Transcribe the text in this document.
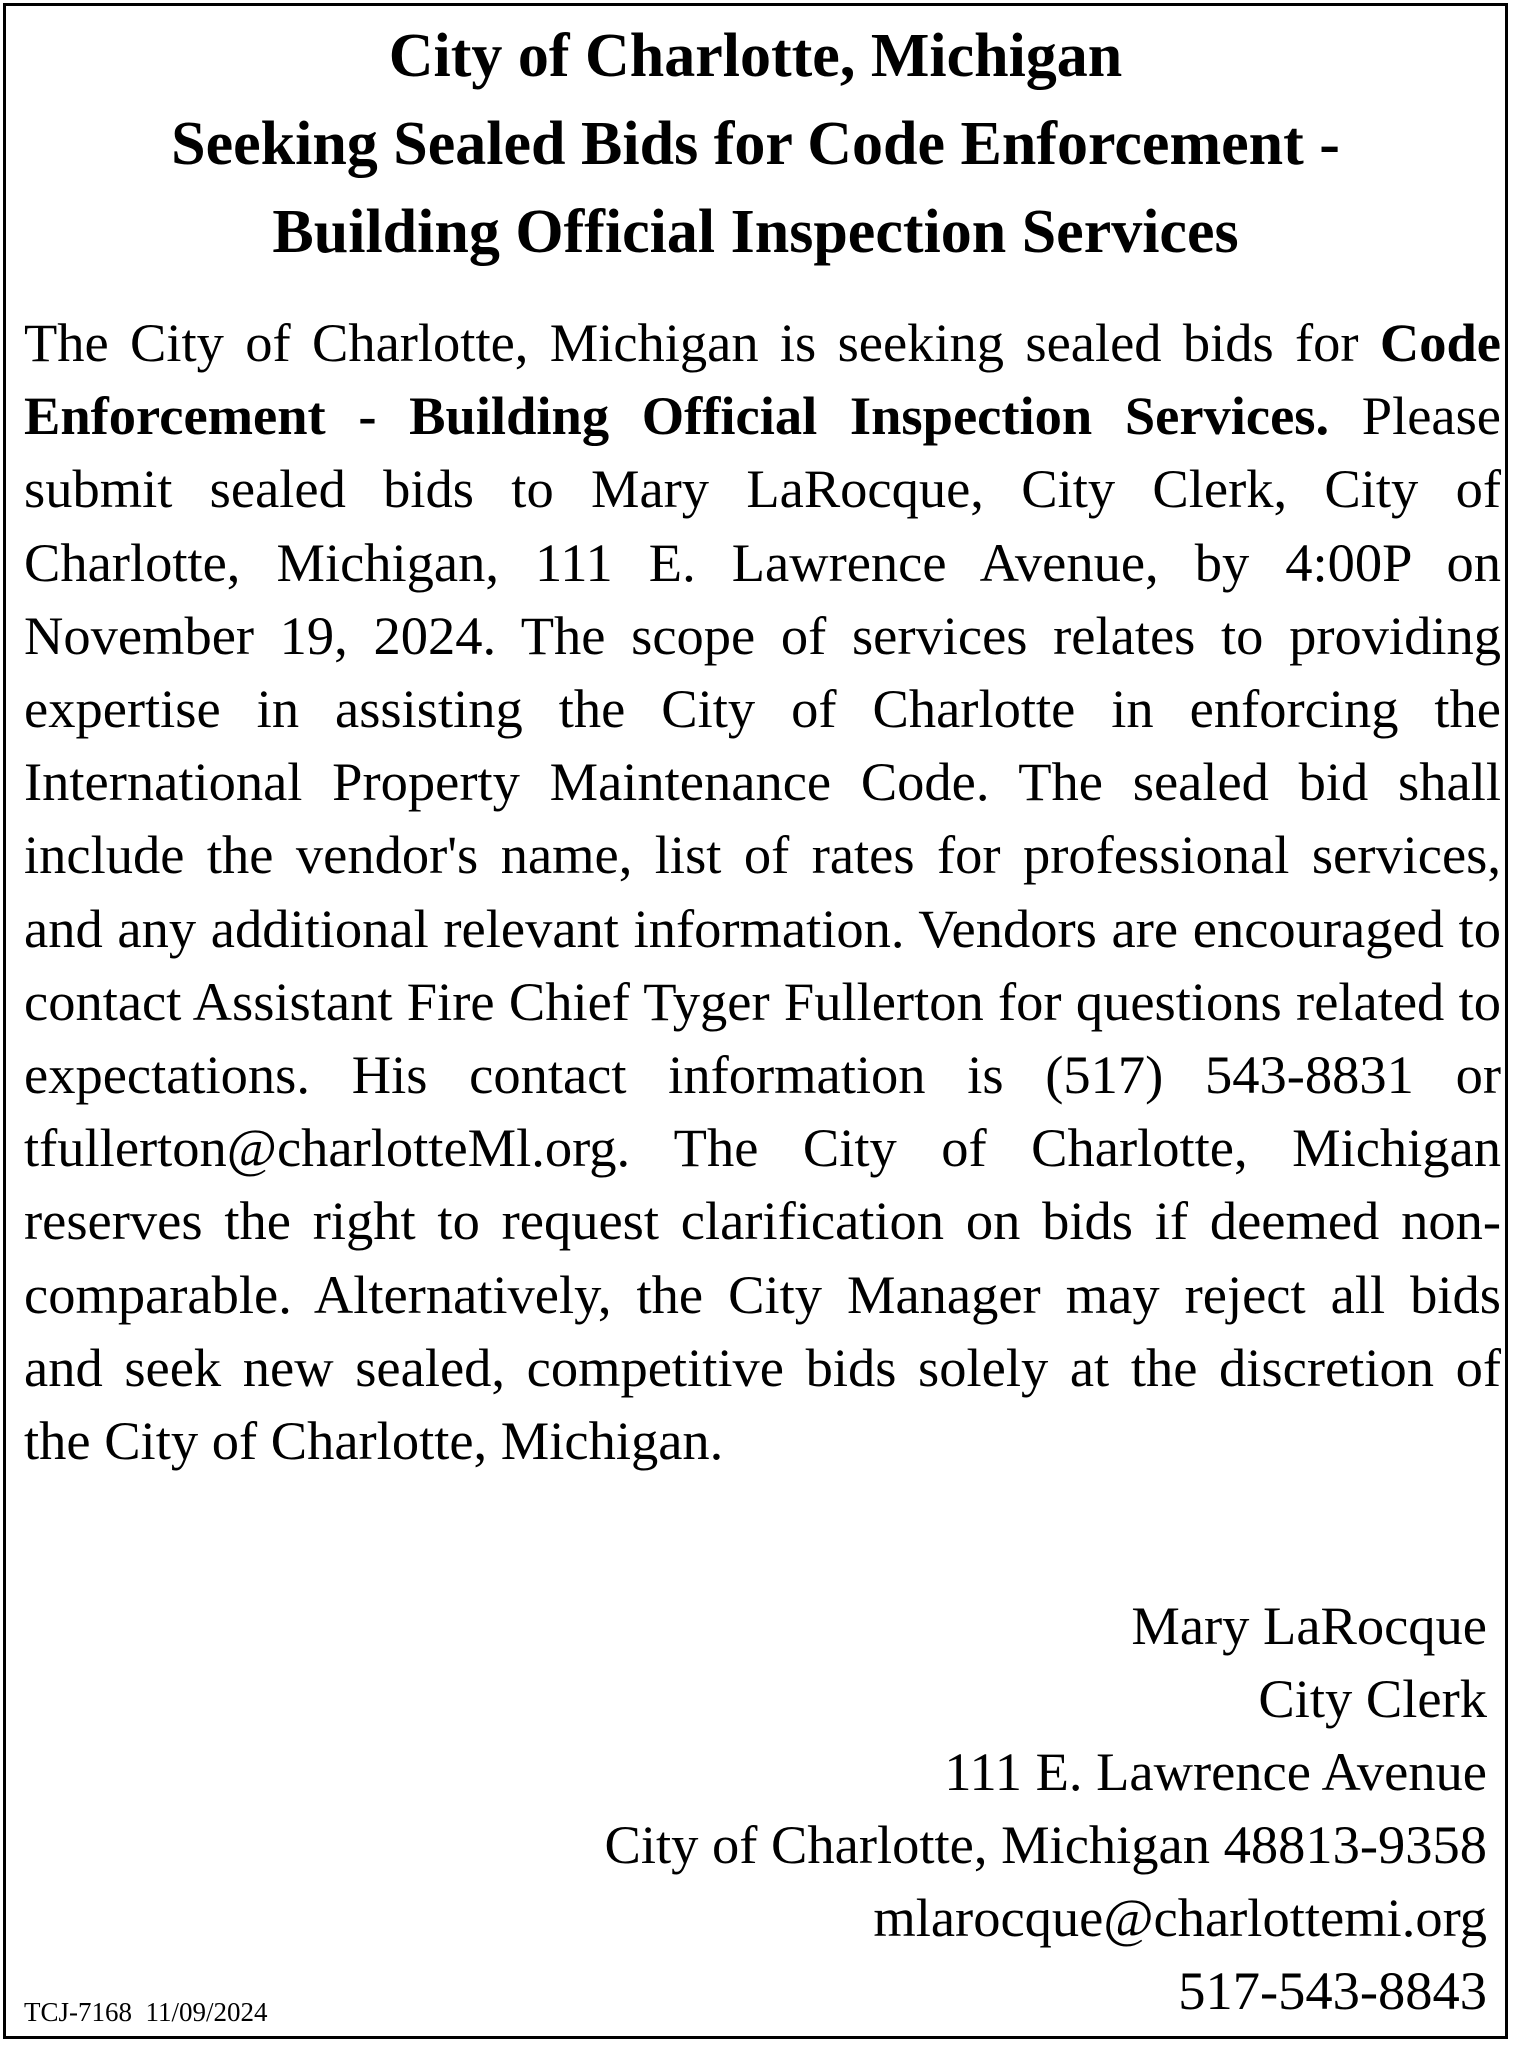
City of Charlotte, Michigan
Seeking Sealed Bids for Code Enforcement -
Building Official Inspection Services
The City of Charlotte, Michigan is seeking sealed bids for Code Enforcement - Building Official Inspection Services. Please submit sealed bids to Mary LaRocque, City Clerk, City of Charlotte, Michigan, 111 E. Lawrence Avenue, by 4:00P on November 19, 2024. The scope of services relates to providing expertise in assisting the City of Charlotte in enforcing the International Property Maintenance Code. The sealed bid shall include the vendor's name, list of rates for professional services, and any additional relevant information. Vendors are encouraged to contact Assistant Fire Chief Tyger Fullerton for questions related to expectations. His contact information is (517) 543-8831 or tfullerton@charlotteMl.org. The City of Charlotte, Michigan reserves the right to request clarification on bids if deemed non-comparable. Alternatively, the City Manager may reject all bids and seek new sealed, competitive bids solely at the discretion of the City of Charlotte, Michigan.
Mary LaRocque
City Clerk
111 E. Lawrence Avenue
City of Charlotte, Michigan 48813-9358
mlarocque@charlottemi.org
517-543-8843
TCJ-7168  11/09/2024
